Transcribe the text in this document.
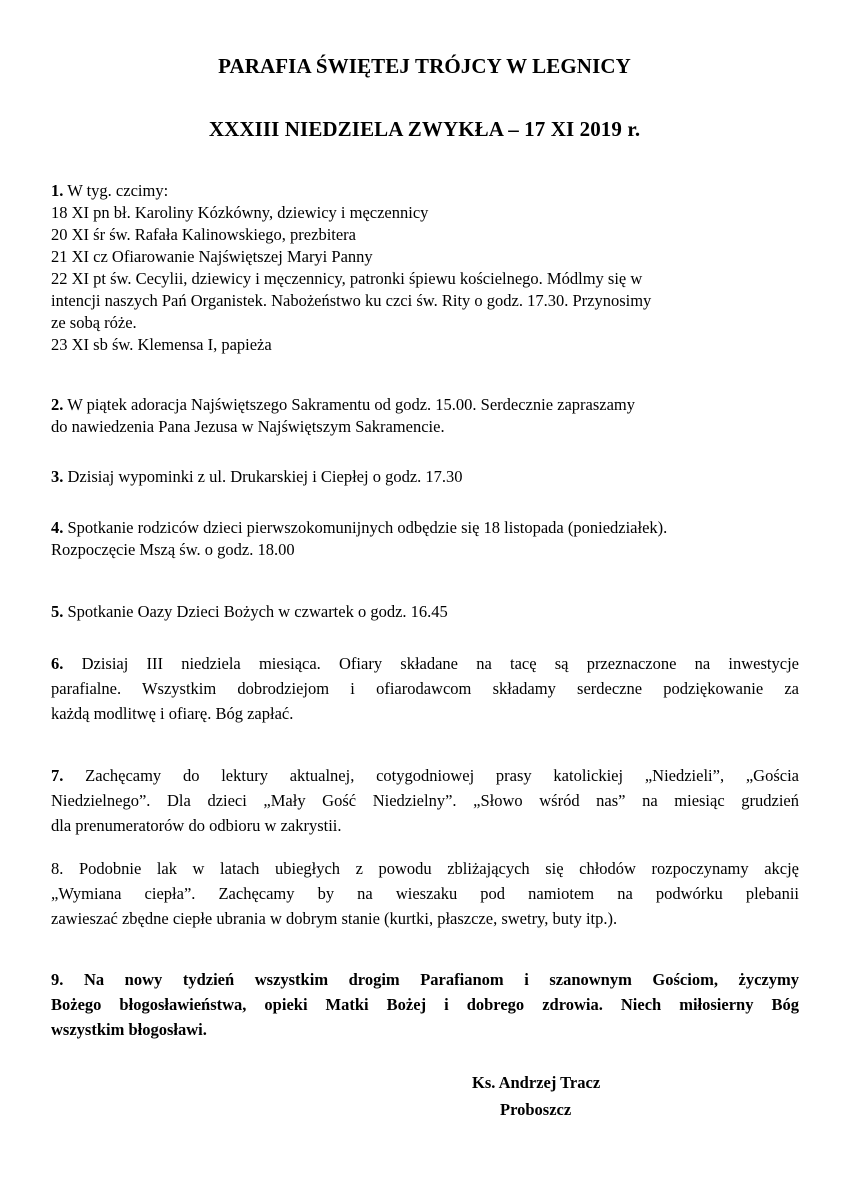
PARAFIA ŚWIĘTEJ TRÓJCY W LEGNICY
XXXIII NIEDZIELA ZWYKŁA – 17 XI 2019 r.
1. W tyg. czcimy:
18 XI pn bł. Karoliny Kózkówny, dziewicy i męczennicy
20 XI śr św. Rafała Kalinowskiego, prezbitera
21 XI cz Ofiarowanie Najświętszej Maryi Panny
22 XI pt św. Cecylii, dziewicy i męczennicy, patronki śpiewu kościelnego. Módlmy się w
intencji naszych Pań Organistek. Nabożeństwo ku czci św. Rity o godz. 17.30. Przynosimy
ze sobą róże.
23 XI sb św. Klemensa I, papieża
2. W piątek adoracja Najświętszego Sakramentu od godz. 15.00. Serdecznie zapraszamy
do nawiedzenia Pana Jezusa w Najświętszym Sakramencie.
3. Dzisiaj wypominki z ul. Drukarskiej i Ciepłej o godz. 17.30
4. Spotkanie rodziców dzieci pierwszokomunijnych odbędzie się 18 listopada (poniedziałek).
Rozpoczęcie Mszą św. o godz. 18.00
5. Spotkanie Oazy Dzieci Bożych w czwartek o godz. 16.45
6. Dzisiaj III niedziela miesiąca. Ofiary składane na tacę są przeznaczone na inwestycje
parafialne. Wszystkim dobrodziejom i ofiarodawcom składamy serdeczne podziękowanie za
każdą modlitwę i ofiarę. Bóg zapłać.
7. Zachęcamy do lektury aktualnej, cotygodniowej prasy katolickiej „Niedzieli”, „Gościa
Niedzielnego”. Dla dzieci „Mały Gość Niedzielny”. „Słowo wśród nas” na miesiąc grudzień
dla prenumeratorów do odbioru w zakrystii.
8. Podobnie lak w latach ubiegłych z powodu zbliżających się chłodów rozpoczynamy akcję
„Wymiana ciepła”. Zachęcamy by na wieszaku pod namiotem na podwórku plebanii
zawieszać zbędne ciepłe ubrania w dobrym stanie (kurtki, płaszcze, swetry, buty itp.).
9. Na nowy tydzień wszystkim drogim Parafianom i szanownym Gościom, życzymy
Bożego błogosławieństwa, opieki Matki Bożej i dobrego zdrowia. Niech miłosierny Bóg
wszystkim błogosławi.
Ks. Andrzej Tracz
Proboszcz
